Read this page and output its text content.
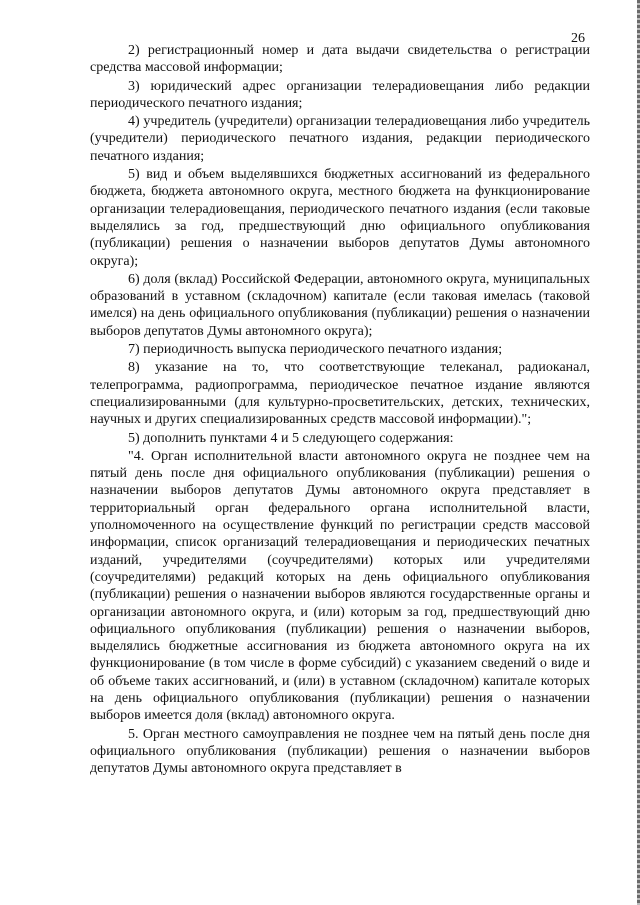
26

2) регистрационный номер и дата выдачи свидетельства о регистрации средства массовой информации;

3) юридический адрес организации телерадиовещания либо редакции периодического печатного издания;

4) учредитель (учредители) организации телерадиовещания либо учредитель (учредители) периодического печатного издания, редакции периодического печатного издания;

5) вид и объем выделявшихся бюджетных ассигнований из федерального бюджета, бюджета автономного округа, местного бюджета на функционирование организации телерадиовещания, периодического печатного издания (если таковые выделялись за год, предшествующий дню официального опубликования (публикации) решения о назначении выборов депутатов Думы автономного округа);

6) доля (вклад) Российской Федерации, автономного округа, муниципальных образований в уставном (складочном) капитале (если таковая имелась (таковой имелся) на день официального опубликования (публикации) решения о назначении выборов депутатов Думы автономного округа);

7) периодичность выпуска периодического печатного издания;

8) указание на то, что соответствующие телеканал, радиоканал, телепрограмма, радиопрограмма, периодическое печатное издание являются специализированными (для культурно-просветительских, детских, технических, научных и других специализированных средств массовой информации).";

5) дополнить пунктами 4 и 5 следующего содержания:

"4. Орган исполнительной власти автономного округа не позднее чем на пятый день после дня официального опубликования (публикации) решения о назначении выборов депутатов Думы автономного округа представляет в территориальный орган федерального органа исполнительной власти, уполномоченного на осуществление функций по регистрации средств массовой информации, список организаций телерадиовещания и периодических печатных изданий, учредителями (соучредителями) которых или учредителями (соучредителями) редакций которых на день официального опубликования (публикации) решения о назначении выборов являются государственные органы и организации автономного округа, и (или) которым за год, предшествующий дню официального опубликования (публикации) решения о назначении выборов, выделялись бюджетные ассигнования из бюджета автономного округа на их функционирование (в том числе в форме субсидий) с указанием сведений о виде и об объеме таких ассигнований, и (или) в уставном (складочном) капитале которых на день официального опубликования (публикации) решения о назначении выборов имеется доля (вклад) автономного округа.

5. Орган местного самоуправления не позднее чем на пятый день после дня официального опубликования (публикации) решения о назначении выборов депутатов Думы автономного округа представляет в
